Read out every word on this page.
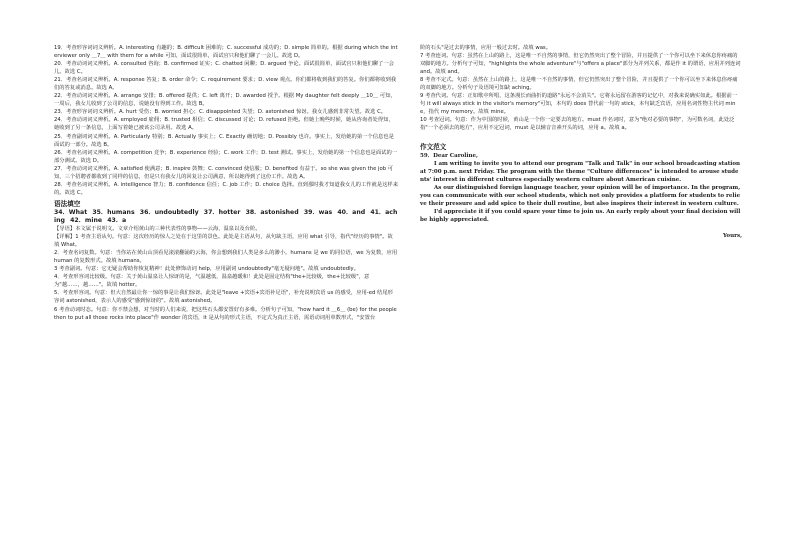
19．考查形容词词义辨析。A. interesting 有趣的；B. difficult 困难的；C. successful 成功的；D. simple 简单的。根据 during which the interviewer only ＿7＿ with them for a while 可知，面试很简单，面试官只和他们聊了一会儿。故选 D。

20．考查动词词义辨析。A. consulted 咨询；B. confirmed 证实；C. chatted 闲聊；D. argued 争论。面试很简单，面试官只和他们聊了一会儿。故选 C。

21．考查名词词义辨析。A. response 答复；B. order 命令；C. requirement 要求；D. view 观点。你们都将收到我们的答复。你们都将收到我们的答复或消息。故选 A。

22．考查动词词义辨析。A. arrange 安排；B. offered 提供；C. left 离开；D. awarded 授予。根据 My daughter felt deeply ＿10＿ 可知，一周后，我女儿收到了公司的信息，说她没有得到工作。故选 B。

23．考查形容词词义辨析。A. hurt 受伤；B. worried 担心；C. disappointed 失望；D. astonished 惊讶。我女儿感到非常失望。故选 C。

24．考查动词词义辨析。A. employed 雇佣；B. trusted 相信；C. discussed 讨论；D. refused 拒绝。但她上晚些时候，她从咨询者处得知，她收到了另一条信息，上面写着她已被该公司录用。故选 A。

25．考查副词词义辨析。A. Particularly 特别；B. Actually 事实上；C. Exactly 确切地；D. Possibly 也许。事实上，发给她的第一个信息也是面试的一部分。故选 B。

26．考查名词词义辨析。A. competition 竞争；B. experience 经验；C. work 工作；D. test 测试。事实上，发给她的第一个信息也是面试的一部分测试。故选 D。

27．考查动词词义辨析。A. satisfied 使满意；B. inspire 鼓舞；C. convinced 使信服；D. benefited 有益于。so she was given the job 可知，三个招聘者都收到了同样的信息，但是只有我女儿的回复让公司满意，所以她得到了这份工作。故选 A。

28．考查名词词义辨析。A. intelligence 智力；B. confidence 信任；C. job 工作；D. choice 选择。直到那时我才知道我女儿的工作就是这样来的。故选 C。

语法填空

34．What 35．humans 36．undoubtedly 37．hotter 38．astonished 39．was 40．and 41．aching 42．mine 43．a

【导语】本文属于说明文。文章介绍黄山的三种代表性的事物——云海，温泉以及台阶。

【详解】1 考查主语从句。句意：这次经历的惊人之处在于这里的景色。此处是主语从句，从句缺主语，应用 what 引导，指代"经历的事情"。故填 What。

2．考查名词复数。句意：当你站在黄山山顶看见滚滚翻涌的云海，你会想到我们人类是多么的渺小。humans 是 we 的同位语，we 为复数，应用 human 的复数形式。故填 humans。

3 考查副词。句意：它无疑会帮助你恢复精神！此处修饰动词 help，应用副词 undoubtedly"毫无疑问地"。故填 undoubtedly。

4．考查形容词比较级。句意：关于黄山温泉让人惊讶的是，气温越低，温泉越暖和！此处是固定结构"the+比较级，the+比较级"，意为"越……，越……"。故填 hotter。

5．考查形容词。句意：但大自然最让你一惊的事是让我们惊讶。此处是"leave +宾语+宾语补足语"，补充说明宾语 us 的感受，应用-ed 结尾形容词 astonished，表示人的感受"感到惊讶的"。故填 astonished。

6 考查动词时态。句意：你不禁会想，对当时的人们来说，把这些石头都安置好有多难。分析句子可知，"how hard it ＿6＿ (be) for the people then to put all those rocks into place"作 wonder 的宾语，it 是从句的形式主语，不定式为真正主语，需语动词用单数形式，"安置台

阶的石头"是过去的事情，应用一般过去时。故填 was。

7 考查连词。句意：虽然在上山的路上，这是唯一不自然的事情，但它仍然突出了整个冒险，并且提供了一个你可以坐下来休息你疼痛的双脚的地方。分析句子可知，"highlights the whole adventure"与"offers a place"部分为并列关系，都是作 it 的谓语，应用并列连词 and。故填 and。

8 考查不定式。句意：虽然在上山的路上，这是唯一不自然的事情，但它仍然突出了整个冒险，并且提供了一个你可以坐下来休息你疼痛的双脚的地方。分析句子及语境可知缺 aching。

9 考查代词。句意：正如歌中所唱，这条漫长而曲折的道路"永远不会消失"。它将永远留在游客的记忆中，对我来说确实如此。根据前一句 it will always stick in the visitor's memory"可知，本句的 does 替代前一句的 stick，本句缺乏宾语，应用名词性物主代词 mine，指代 my memory。故填 mine。

10 考查冠词。句意：作为中国的时候，黄山是一个你一定要去的地方。must 作名词时，意为"绝对必要的事物"，为可数名词，此处泛指"一个必须去的地方"，应用不定冠词，must 是以辅音音素开头的词，应用 a。故填 a。

作文范文

59．Dear Caroline,

I am writing to invite you to attend our program "Talk and Talk" in our school broadcasting station at 7:00 p.m. next Friday. The program with the theme "Culture differences" is intended to arouse students' interest in different cultures especially western culture about American cuisine.

As our distinguished foreign language teacher, your opinion will be of importance. In the program, you can communicate with our school students, which not only provides a platform for students to relieve their pressure and add spice to their dull routine, but also inspires their interest in western culture.

I'd appreciate it if you could spare your time to join us. An early reply about your final decision will be highly appreciated.

Yours,
